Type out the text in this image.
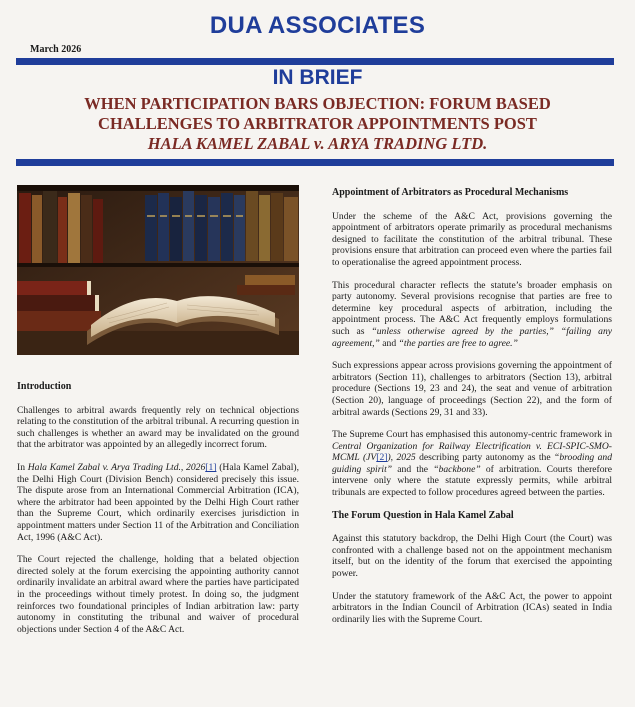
DUA ASSOCIATES
March 2026
IN BRIEF
WHEN PARTICIPATION BARS OBJECTION: FORUM BASED
CHALLENGES TO ARBITRATOR APPOINTMENTS POST
HALA KAMEL ZABAL v. ARYA TRADING LTD.
Introduction

Challenges to arbitral awards frequently rely on technical objections relating to the constitution of the arbitral tribunal. A recurring question in such challenges is whether an award may be invalidated on the ground that the arbitrator was appointed by an allegedly incorrect forum.

In Hala Kamel Zabal v. Arya Trading Ltd., 2026[1] (Hala Kamel Zabal), the Delhi High Court (Division Bench) considered precisely this issue. The dispute arose from an International Commercial Arbitration (ICA), where the arbitrator had been appointed by the Delhi High Court rather than the Supreme Court, which ordinarily exercises jurisdiction in appointment matters under Section 11 of the Arbitration and Conciliation Act, 1996 (A&C Act).

The Court rejected the challenge, holding that a belated objection directed solely at the forum exercising the appointing authority cannot ordinarily invalidate an arbitral award where the parties have participated in the proceedings without timely protest. In doing so, the judgment reinforces two foundational principles of Indian arbitration law: party autonomy in constituting the tribunal and waiver of procedural objections under Section 4 of the A&C Act.

Appointment of Arbitrators as Procedural Mechanisms

Under the scheme of the A&C Act, provisions governing the appointment of arbitrators operate primarily as procedural mechanisms designed to facilitate the constitution of the arbitral tribunal. These provisions ensure that arbitration can proceed even where the parties fail to operationalise the agreed appointment process.

This procedural character reflects the statute’s broader emphasis on party autonomy. Several provisions recognise that parties are free to determine key procedural aspects of arbitration, including the appointment process. The A&C Act frequently employs formulations such as “unless otherwise agreed by the parties,” “failing any agreement,” and “the parties are free to agree.”

Such expressions appear across provisions governing the appointment of arbitrators (Section 11), challenges to arbitrators (Section 13), arbitral procedure (Sections 19, 23 and 24), the seat and venue of arbitration (Section 20), language of proceedings (Section 22), and the form of arbitral awards (Sections 29, 31 and 33).

The Supreme Court has emphasised this autonomy-centric framework in Central Organization for Railway Electrification v. ECI-SPIC-SMO-MCML (JV[2]), 2025 describing party autonomy as the “brooding and guiding spirit” and the “backbone” of arbitration. Courts therefore intervene only where the statute expressly permits, while arbitral tribunals are expected to follow procedures agreed between the parties.

The Forum Question in Hala Kamel Zabal

Against this statutory backdrop, the Delhi High Court (the Court) was confronted with a challenge based not on the appointment mechanism itself, but on the identity of the forum that exercised the appointing power.

Under the statutory framework of the A&C Act, the power to appoint arbitrators in the Indian Council of Arbitration (ICAs) seated in India ordinarily lies with the Supreme Court.
